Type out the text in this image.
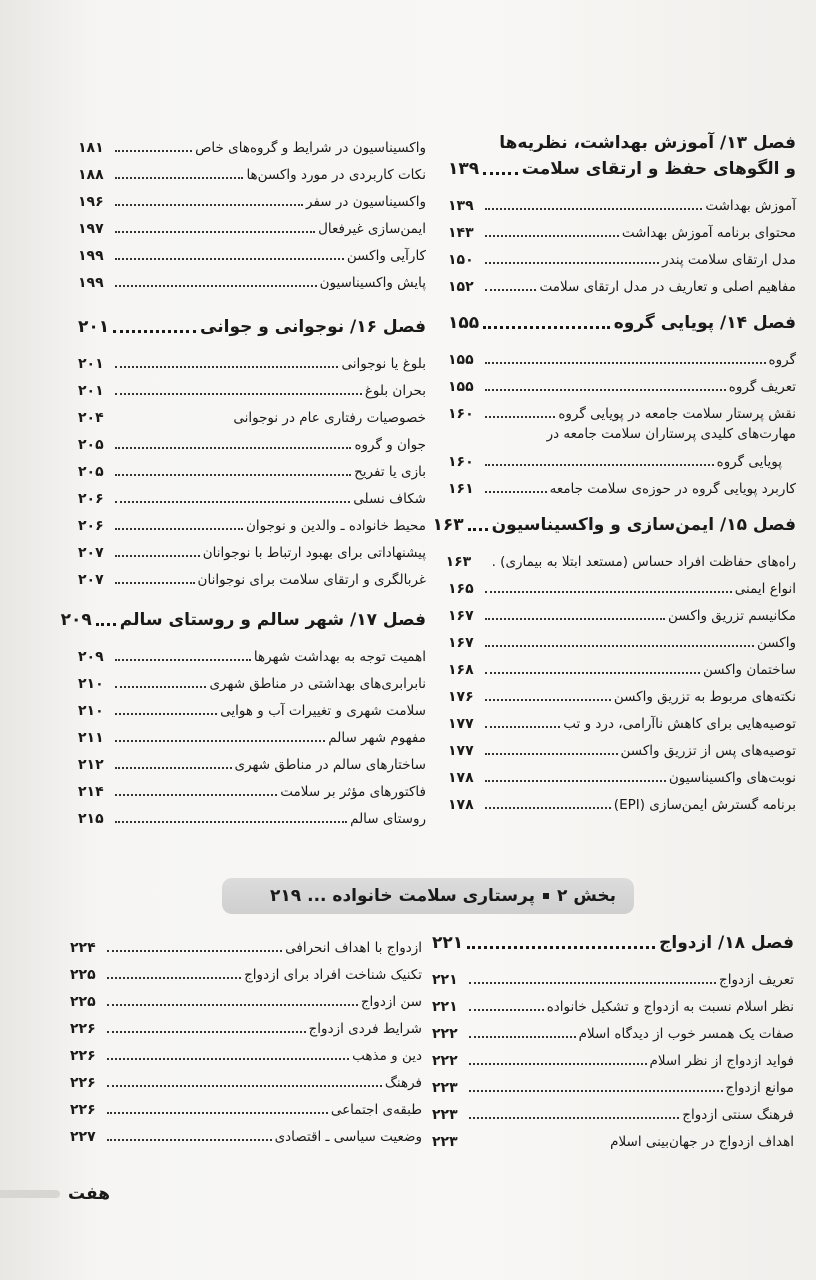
فصل ۱۳/ آموزش بهداشت، نظریه‌ها
و الگوهای حفظ و ارتقای سلامت
۱۳۹
آموزش بهداشت
۱۳۹
محتوای برنامه آموزش بهداشت
۱۴۳
مدل ارتقای سلامت پندر
۱۵۰
مفاهیم اصلی و تعاریف در مدل ارتقای سلامت
۱۵۲
فصل ۱۴/ پویایی گروه
۱۵۵
گروه
۱۵۵
تعریف گروه
۱۵۵
نقش پرستار سلامت جامعه در پویایی گروه
۱۶۰
مهارت‌های کلیدی پرستاران سلامت جامعه در
پویایی گروه
۱۶۰
کاربرد پویایی گروه در حوزه‌ی سلامت جامعه
۱۶۱
فصل ۱۵/ ایمن‌سازی و واکسیناسیون
۱۶۳
راه‌های حفاظت افراد حساس (مستعد ابتلا به بیماری) .
۱۶۳
انواع ایمنی
۱۶۵
مکانیسم تزریق واکسن
۱۶۷
واکسن
۱۶۷
ساختمان واکسن
۱۶۸
نکته‌های مربوط به تزریق واکسن
۱۷۶
توصیه‌هایی برای کاهش ناآرامی، درد و تب
۱۷۷
توصیه‌های پس از تزریق واکسن
۱۷۷
نوبت‌های واکسیناسیون
۱۷۸
برنامه گسترش ایمن‌سازی (EPI)
۱۷۸
واکسیناسیون در شرایط و گروه‌های خاص
۱۸۱
نکات کاربردی در مورد واکسن‌ها
۱۸۸
واکسیناسیون در سفر
۱۹۶
ایمن‌سازی غیرفعال
۱۹۷
کارآیی واکسن
۱۹۹
پایش واکسیناسیون
۱۹۹
فصل ۱۶/ نوجوانی و جوانی
۲۰۱
بلوغ یا نوجوانی
۲۰۱
بحران بلوغ
۲۰۱
خصوصیات رفتاری عام در نوجوانی
۲۰۴
جوان و گروه
۲۰۵
بازی یا تفریح
۲۰۵
شکاف نسلی
۲۰۶
محیط خانواده ـ والدین و نوجوان
۲۰۶
پیشنهاداتی برای بهبود ارتباط با نوجوانان
۲۰۷
غربالگری و ارتقای سلامت برای نوجوانان
۲۰۷
فصل ۱۷/ شهر سالم و روستای سالم
۲۰۹
اهمیت توجه به بهداشت شهرها
۲۰۹
نابرابری‌های بهداشتی در مناطق شهری
۲۱۰
سلامت شهری و تغییرات آب و هوایی
۲۱۰
مفهوم شهر سالم
۲۱۱
ساختارهای سالم در مناطق شهری
۲۱۲
فاکتورهای مؤثر بر سلامت
۲۱۴
روستای سالم
۲۱۵
بخش ۲
پرستاری سلامت خانواده ...
۲۱۹
فصل ۱۸/ ازدواج
۲۲۱
تعریف ازدواج
۲۲۱
نظر اسلام نسبت به ازدواج و تشکیل خانواده
۲۲۱
صفات یک همسر خوب از دیدگاه اسلام
۲۲۲
فواید ازدواج از نظر اسلام
۲۲۲
موانع ازدواج
۲۲۳
فرهنگ سنتی ازدواج
۲۲۳
اهداف ازدواج در جهان‌بینی اسلام
۲۲۳
ازدواج با اهداف انحرافی
۲۲۴
تکنیک شناخت افراد برای ازدواج
۲۲۵
سن ازدواج
۲۲۵
شرایط فردی ازدواج
۲۲۶
دین و مذهب
۲۲۶
فرهنگ
۲۲۶
طبقه‌ی اجتماعی
۲۲۶
وضعیت سیاسی ـ اقتصادی
۲۲۷
هفت
